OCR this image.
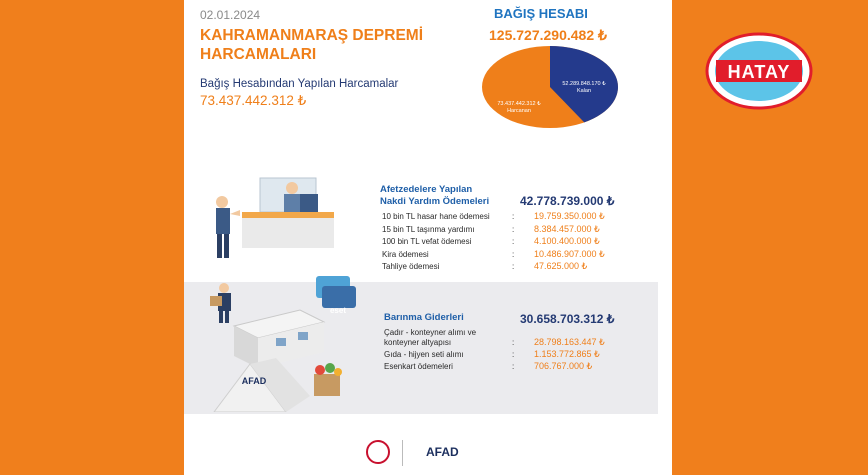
02.01.2024
KAHRAMANMARAŞ DEPREMİ HARCAMALARI
Bağış Hesabından Yapılan Harcamalar
73.437.442.312 ₺
BAĞIŞ HESABI
125.727.290.482 ₺
52.289.848.170 ₺
Kalan
73.437.442.312 ₺
Harcanan
Afetzedelere Yapılan
Nakdi Yardım Ödemeleri	42.778.739.000 ₺
10 bin TL hasar hane ödemesi	: 19.759.350.000 ₺
15 bin TL taşınma yardımı	: 8.384.457.000 ₺
100 bin TL vefat ödemesi	: 4.100.400.000 ₺
Kira ödemesi	: 10.486.907.000 ₺
Tahliye ödemesi	: 47.625.000 ₺
eset
AFAD
Barınma Giderleri	30.658.703.312 ₺
Çadır - konteyner alımı ve
konteyner altyapısı	: 28.798.163.447 ₺
Gıda - hijyen seti alımı	: 1.153.772.865 ₺
Esenkart ödemeleri	: 706.767.000 ₺
AFAD
HATAY
